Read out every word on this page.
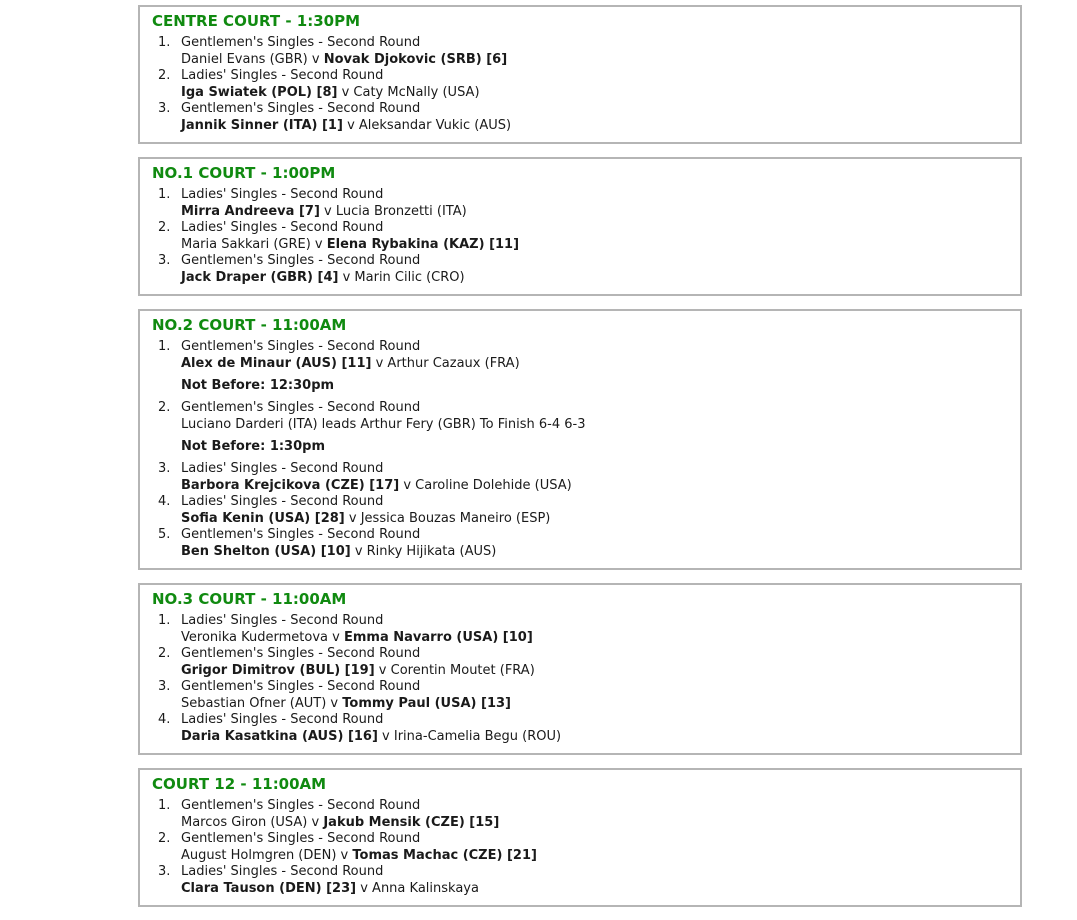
CENTRE COURT - 1:30PM
1. Gentlemen's Singles - Second Round
Daniel Evans (GBR) v Novak Djokovic (SRB) [6]
2. Ladies' Singles - Second Round
Iga Swiatek (POL) [8] v Caty McNally (USA)
3. Gentlemen's Singles - Second Round
Jannik Sinner (ITA) [1] v Aleksandar Vukic (AUS)
NO.1 COURT - 1:00PM
1. Ladies' Singles - Second Round
Mirra Andreeva [7] v Lucia Bronzetti (ITA)
2. Ladies' Singles - Second Round
Maria Sakkari (GRE) v Elena Rybakina (KAZ) [11]
3. Gentlemen's Singles - Second Round
Jack Draper (GBR) [4] v Marin Cilic (CRO)
NO.2 COURT - 11:00AM
1. Gentlemen's Singles - Second Round
Alex de Minaur (AUS) [11] v Arthur Cazaux (FRA)
Not Before: 12:30pm
2. Gentlemen's Singles - Second Round
Luciano Darderi (ITA) leads Arthur Fery (GBR) To Finish 6-4 6-3
Not Before: 1:30pm
3. Ladies' Singles - Second Round
Barbora Krejcikova (CZE) [17] v Caroline Dolehide (USA)
4. Ladies' Singles - Second Round
Sofia Kenin (USA) [28] v Jessica Bouzas Maneiro (ESP)
5. Gentlemen's Singles - Second Round
Ben Shelton (USA) [10] v Rinky Hijikata (AUS)
NO.3 COURT - 11:00AM
1. Ladies' Singles - Second Round
Veronika Kudermetova v Emma Navarro (USA) [10]
2. Gentlemen's Singles - Second Round
Grigor Dimitrov (BUL) [19] v Corentin Moutet (FRA)
3. Gentlemen's Singles - Second Round
Sebastian Ofner (AUT) v Tommy Paul (USA) [13]
4. Ladies' Singles - Second Round
Daria Kasatkina (AUS) [16] v Irina-Camelia Begu (ROU)
COURT 12 - 11:00AM
1. Gentlemen's Singles - Second Round
Marcos Giron (USA) v Jakub Mensik (CZE) [15]
2. Gentlemen's Singles - Second Round
August Holmgren (DEN) v Tomas Machac (CZE) [21]
3. Ladies' Singles - Second Round
Clara Tauson (DEN) [23] v Anna Kalinskaya
